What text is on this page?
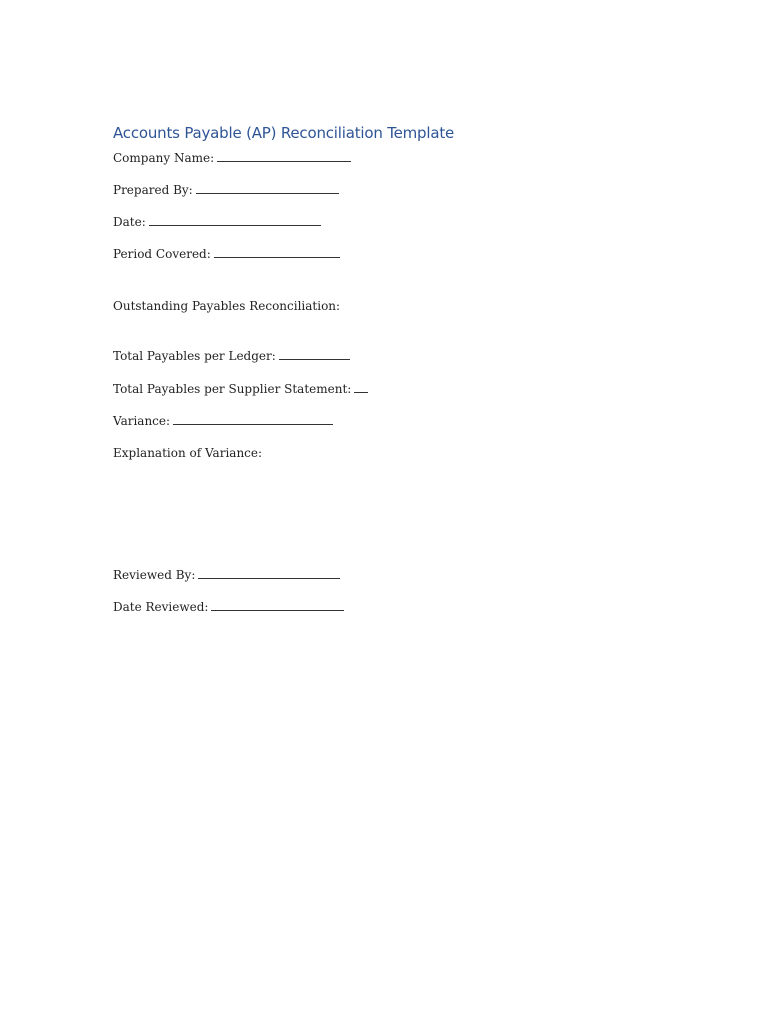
Accounts Payable (AP) Reconciliation Template

Company Name:

Prepared By:

Date:

Period Covered:

Outstanding Payables Reconciliation:

Total Payables per Ledger:

Total Payables per Supplier Statement:

Variance:

Explanation of Variance:

Reviewed By:

Date Reviewed:
